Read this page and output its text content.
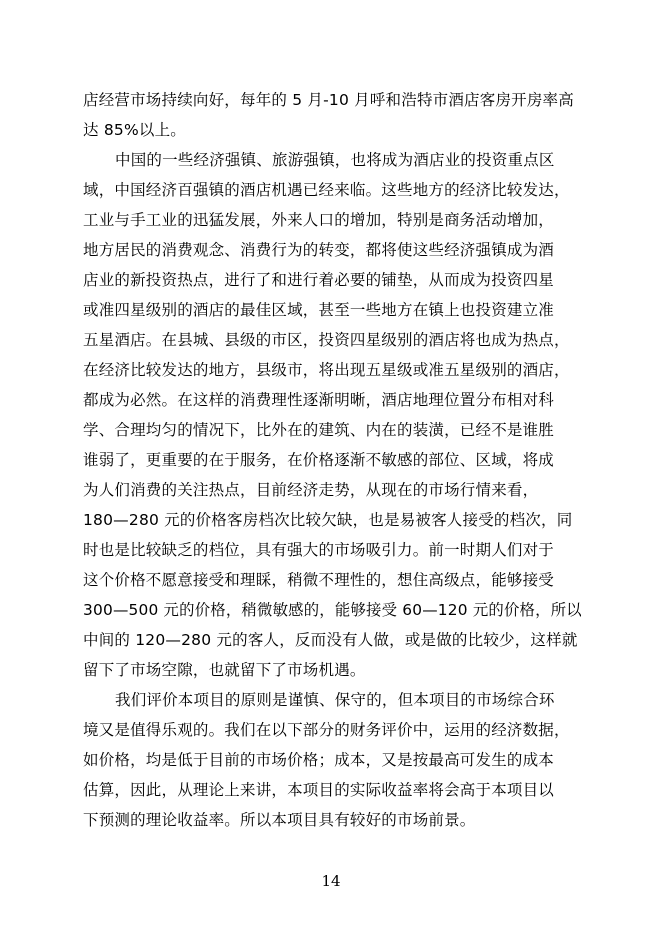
店经营市场持续向好，每年的 5 月-10 月呼和浩特市酒店客房开房率高
达 85%以上。
中国的一些经济强镇、旅游强镇，也将成为酒店业的投资重点区
域，中国经济百强镇的酒店机遇已经来临。这些地方的经济比较发达，
工业与手工业的迅猛发展，外来人口的增加，特别是商务活动增加，
地方居民的消费观念、消费行为的转变，都将使这些经济强镇成为酒
店业的新投资热点，进行了和进行着必要的铺垫，从而成为投资四星
或准四星级别的酒店的最佳区域，甚至一些地方在镇上也投资建立准
五星酒店。在县城、县级的市区，投资四星级别的酒店将也成为热点，
在经济比较发达的地方，县级市，将出现五星级或准五星级别的酒店，
都成为必然。在这样的消费理性逐渐明晰，酒店地理位置分布相对科
学、合理均匀的情况下，比外在的建筑、内在的装潢，已经不是谁胜
谁弱了，更重要的在于服务，在价格逐渐不敏感的部位、区域，将成
为人们消费的关注热点，目前经济走势，从现在的市场行情来看，
180—280 元的价格客房档次比较欠缺，也是易被客人接受的档次，同
时也是比较缺乏的档位，具有强大的市场吸引力。前一时期人们对于
这个价格不愿意接受和理睬，稍微不理性的，想住高级点，能够接受
300—500 元的价格，稍微敏感的，能够接受 60—120 元的价格，所以
中间的 120—280 元的客人，反而没有人做，或是做的比较少，这样就
留下了市场空隙，也就留下了市场机遇。
我们评价本项目的原则是谨慎、保守的，但本项目的市场综合环
境又是值得乐观的。我们在以下部分的财务评价中，运用的经济数据，
如价格，均是低于目前的市场价格；成本，又是按最高可发生的成本
估算，因此，从理论上来讲，本项目的实际收益率将会高于本项目以
下预测的理论收益率。所以本项目具有较好的市场前景。
14
